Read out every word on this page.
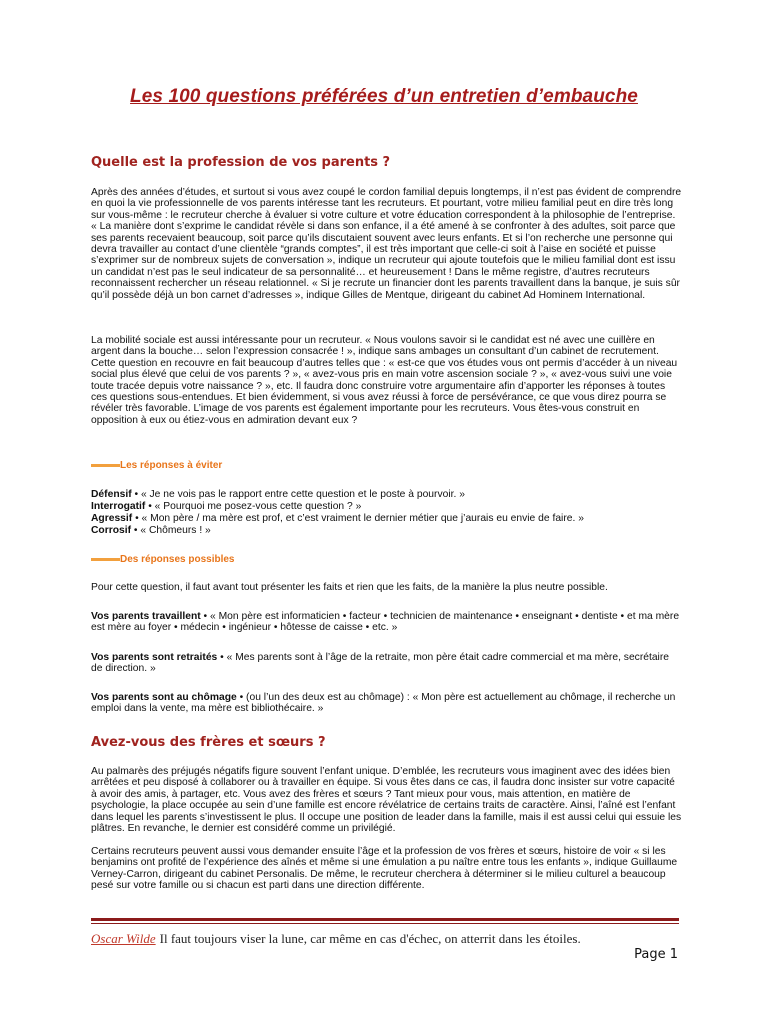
Les 100 questions préférées d’un entretien d’embauche
Quelle est la profession de vos parents ?

Après des années d’études, et surtout si vous avez coupé le cordon familial depuis longtemps, il n’est pas évident de comprendre en quoi la vie professionnelle de vos parents intéresse tant les recruteurs. Et pourtant, votre milieu familial peut en dire très long sur vous-même : le recruteur cherche à évaluer si votre culture et votre éducation correspondent à la philosophie de l’entreprise. « La manière dont s’exprime le candidat révèle si dans son enfance, il a été amené à se confronter à des adultes, soit parce que ses parents recevaient beaucoup, soit parce qu’ils discutaient souvent avec leurs enfants. Et si l’on recherche une personne qui devra travailler au contact d’une clientèle “grands comptes”, il est très important que celle-ci soit à l’aise en société et puisse s’exprimer sur de nombreux sujets de conversation », indique un recruteur qui ajoute toutefois que le milieu familial dont est issu un candidat n’est pas le seul indicateur de sa personnalité… et heureusement ! Dans le même registre, d’autres recruteurs reconnaissent rechercher un réseau relationnel. « Si je recrute un financier dont les parents travaillent dans la banque, je suis sûr qu’il possède déjà un bon carnet d’adresses », indique Gilles de Mentque, dirigeant du cabinet Ad Hominem International.

La mobilité sociale est aussi intéressante pour un recruteur. « Nous voulons savoir si le candidat est né avec une cuillère en argent dans la bouche… selon l’expression consacrée ! », indique sans ambages un consultant d’un cabinet de recrutement. Cette question en recouvre en fait beaucoup d’autres telles que : « est-ce que vos études vous ont permis d’accéder à un niveau social plus élevé que celui de vos parents ? », « avez-vous pris en main votre ascension sociale ? », « avez-vous suivi une voie toute tracée depuis votre naissance ? », etc. Il faudra donc construire votre argumentaire afin d’apporter les réponses à toutes ces questions sous-entendues. Et bien évidemment, si vous avez réussi à force de persévérance, ce que vous direz pourra se révéler très favorable. L’image de vos parents est également importante pour les recruteurs. Vous êtes-vous construit en opposition à eux ou étiez-vous en admiration devant eux ?

Les réponses à éviter
Défensif • « Je ne vois pas le rapport entre cette question et le poste à pourvoir. »
Interrogatif • « Pourquoi me posez-vous cette question ? »
Agressif • « Mon père / ma mère est prof, et c’est vraiment le dernier métier que j’aurais eu envie de faire. »
Corrosif • « Chômeurs ! »
Des réponses possibles

Pour cette question, il faut avant tout présenter les faits et rien que les faits, de la manière la plus neutre possible.

Vos parents travaillent • « Mon père est informaticien • facteur • technicien de maintenance • enseignant • dentiste • et ma mère est mère au foyer • médecin • ingénieur • hôtesse de caisse • etc. »

Vos parents sont retraités • « Mes parents sont à l’âge de la retraite, mon père était cadre commercial et ma mère, secrétaire de direction. »

Vos parents sont au chômage • (ou l’un des deux est au chômage) : « Mon père est actuellement au chômage, il recherche un emploi dans la vente, ma mère est bibliothécaire. »

Avez-vous des frères et sœurs ?

Au palmarès des préjugés négatifs figure souvent l’enfant unique. D’emblée, les recruteurs vous imaginent avec des idées bien arrêtées et peu disposé à collaborer ou à travailler en équipe. Si vous êtes dans ce cas, il faudra donc insister sur votre capacité à avoir des amis, à partager, etc. Vous avez des frères et sœurs ? Tant mieux pour vous, mais attention, en matière de psychologie, la place occupée au sein d’une famille est encore révélatrice de certains traits de caractère. Ainsi, l’aîné est l’enfant dans lequel les parents s’investissent le plus. Il occupe une position de leader dans la famille, mais il est aussi celui qui essuie les plâtres. En revanche, le dernier est considéré comme un privilégié.

Certains recruteurs peuvent aussi vous demander ensuite l’âge et la profession de vos frères et sœurs, histoire de voir « si les benjamins ont profité de l’expérience des aînés et même si une émulation a pu naître entre tous les enfants », indique Guillaume Verney-Carron, dirigeant du cabinet Personalis. De même, le recruteur cherchera à déterminer si le milieu culturel a beaucoup pesé sur votre famille ou si chacun est parti dans une direction différente.

Oscar Wilde Il faut toujours viser la lune, car même en cas d'échec, on atterrit dans les étoiles.
Page 1
